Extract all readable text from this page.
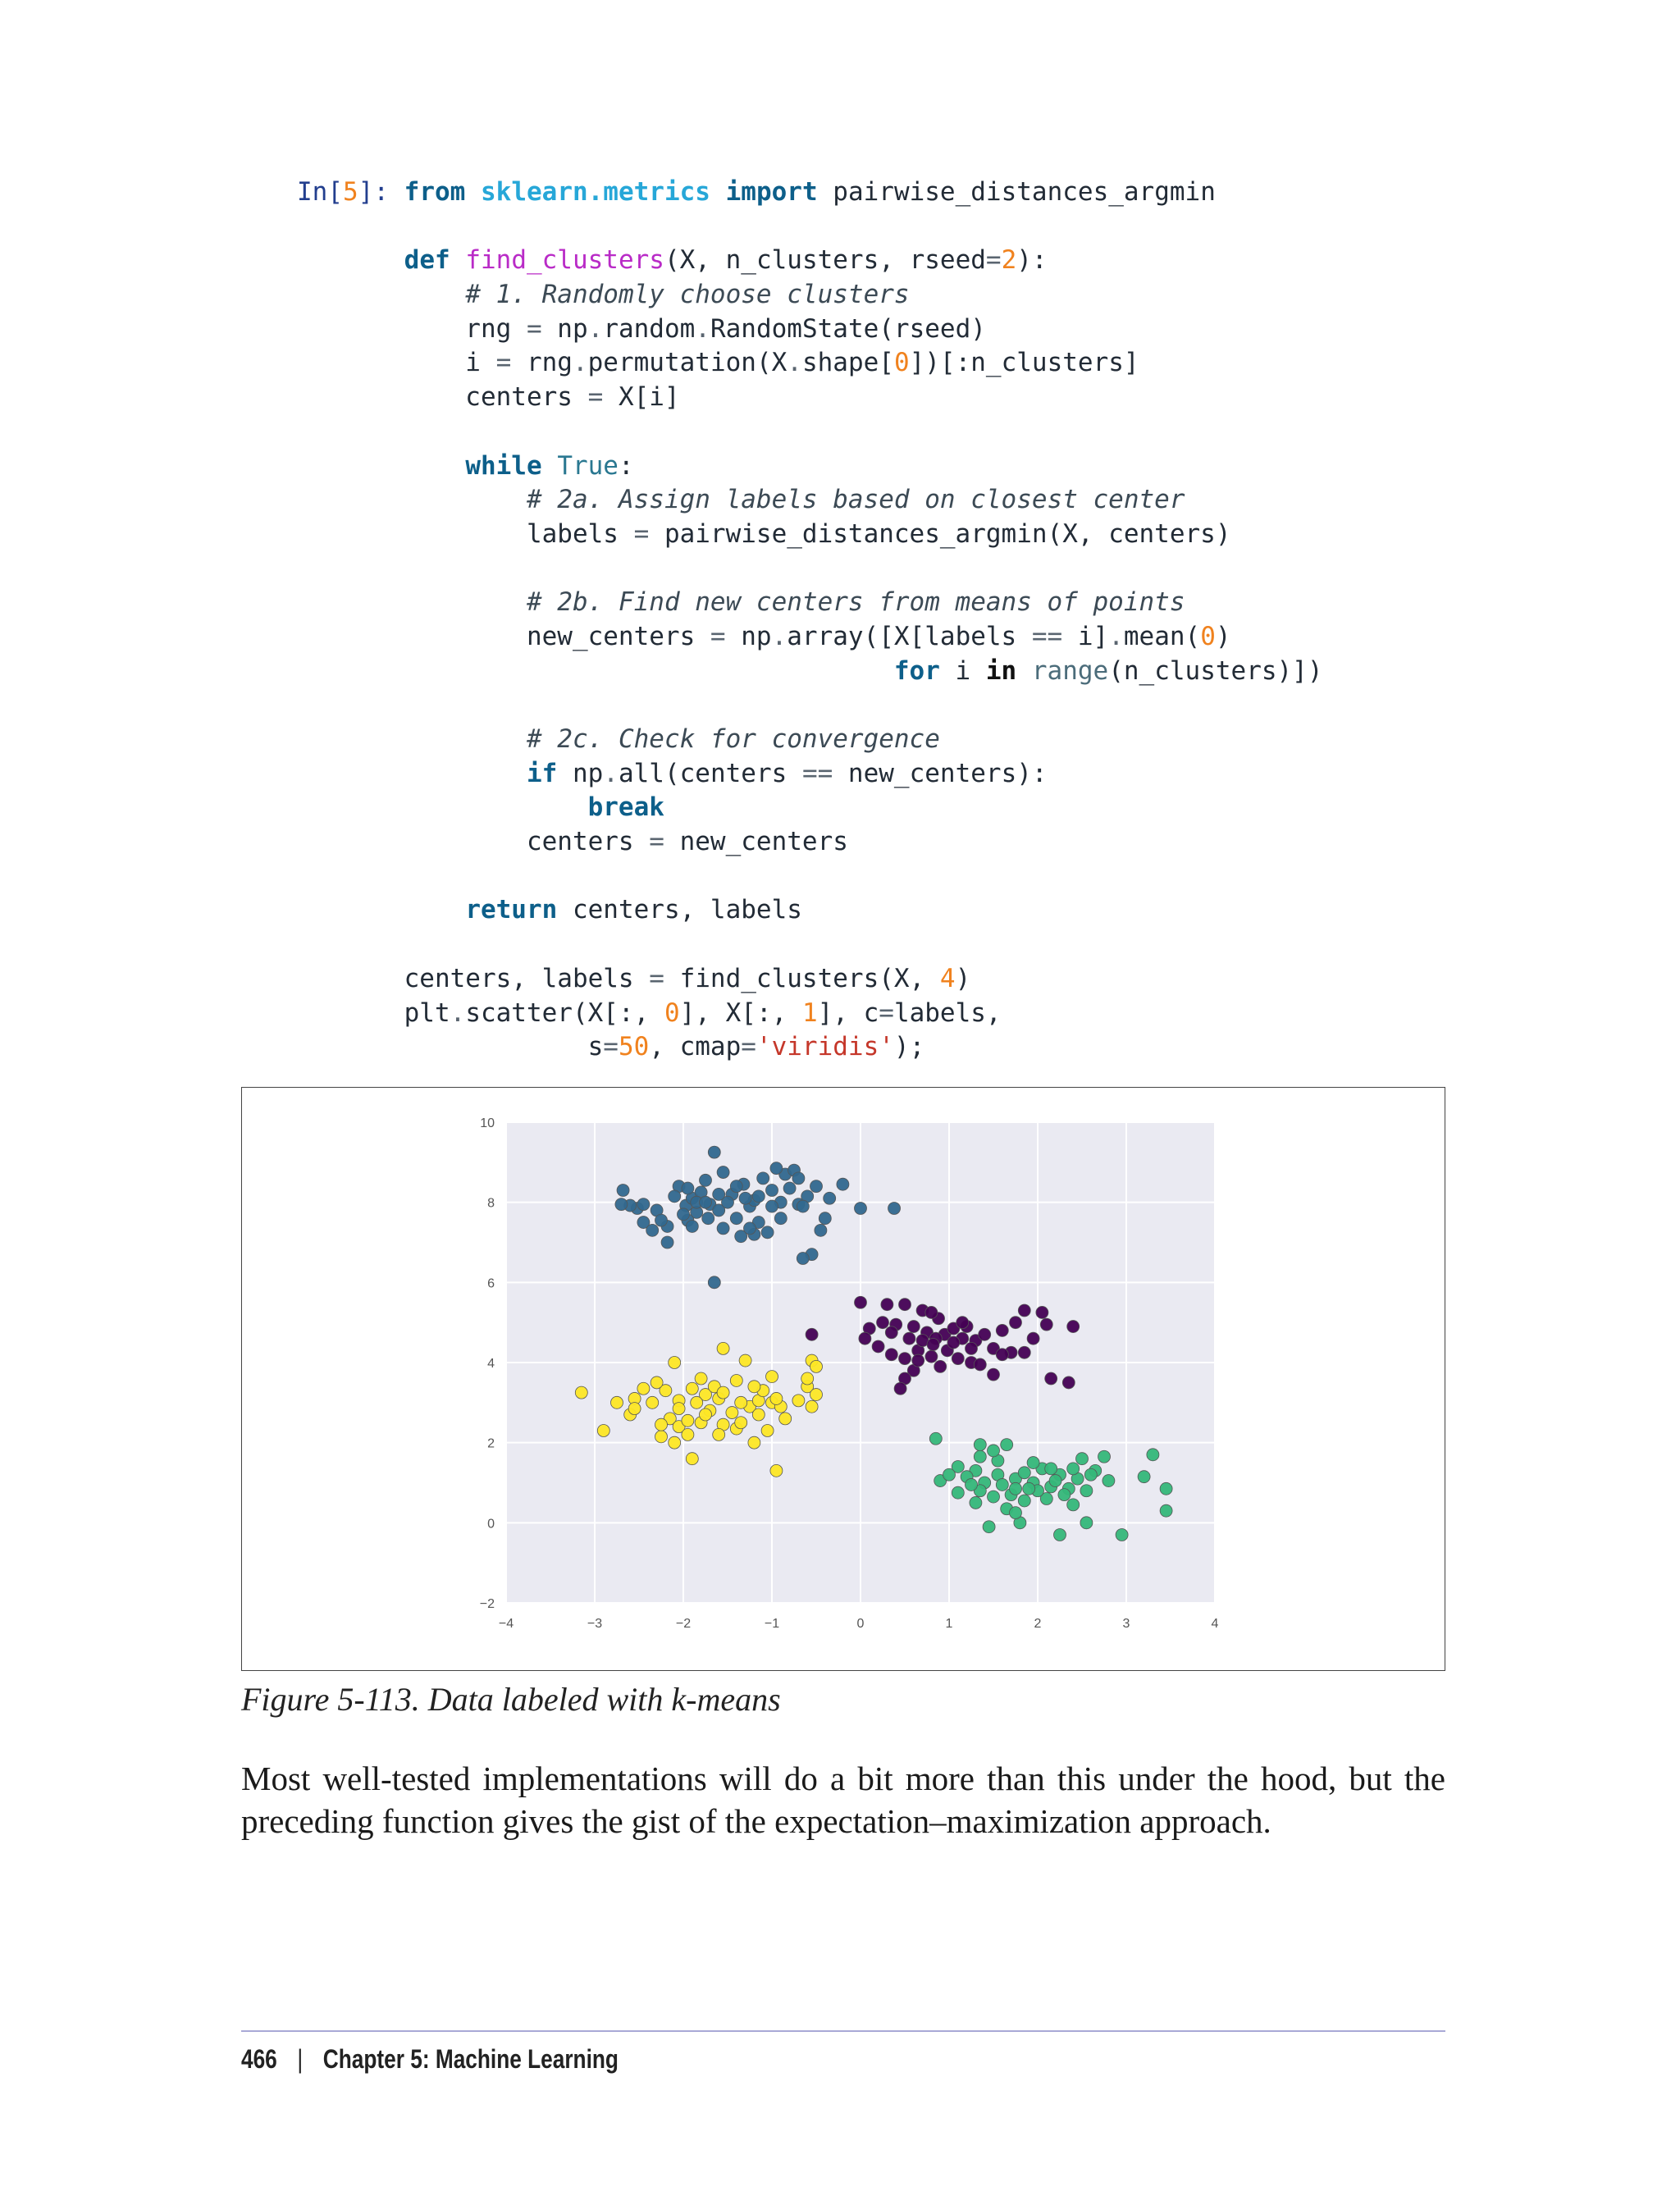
In[5]: from sklearn.metrics import pairwise_distances_argmin

def find_clusters(X, n_clusters, rseed=2):
# 1. Randomly choose clusters
rng = np.random.RandomState(rseed)
i = rng.permutation(X.shape[0])[:n_clusters]
centers = X[i]

while True:
# 2a. Assign labels based on closest center
labels = pairwise_distances_argmin(X, centers)

# 2b. Find new centers from means of points
new_centers = np.array([X[labels == i].mean(0)
for i in range(n_clusters)])

# 2c. Check for convergence
if np.all(centers == new_centers):
break
centers = new_centers

return centers, labels

centers, labels = find_clusters(X, 4)
plt.scatter(X[:, 0], X[:, 1], c=labels,
s=50, cmap='viridis');
−4	−3	−2	−1	0	1	2	3	4
−2
0
2
4
6
8
10

Figure 5-113. Data labeled with k-means

Most well-tested implementations will do a bit more than this under the hood, but the preceding function gives the gist of the expectation–maximization approach.

466 | Chapter 5: Machine Learning
